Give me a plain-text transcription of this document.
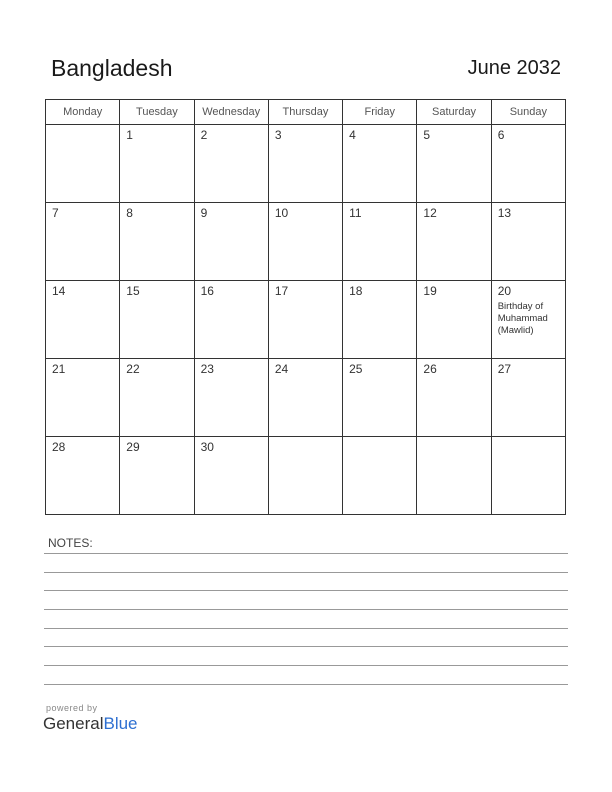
Bangladesh	June 2032
Monday	Tuesday	Wednesday	Thursday	Friday	Saturday	Sunday

	1	2	3	4	5	6

7	8	9	10	11	12	13

14	15	16	17	18	19	20
Birthday of Muhammad (Mawlid)

21	22	23	24	25	26	27

28	29	30				

NOTES:
powered by
GeneralBlue
